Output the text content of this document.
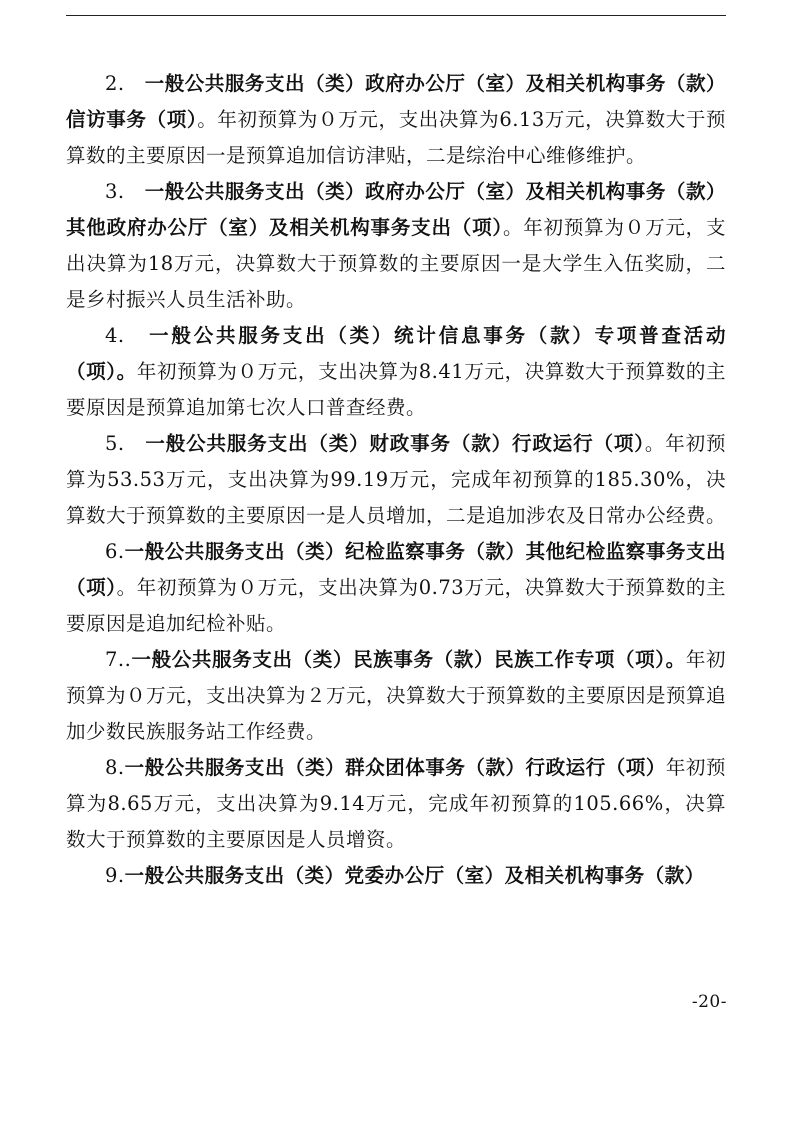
2.　一般公共服务支出（类）政府办公厅（室）及相关机构事务（款）信访事务（项）。年初预算为０万元，支出决算为6.13万元，决算数大于预算数的主要原因一是预算追加信访津贴，二是综治中心维修维护。

3.　一般公共服务支出（类）政府办公厅（室）及相关机构事务（款）其他政府办公厅（室）及相关机构事务支出（项）。年初预算为０万元，支出决算为18万元，决算数大于预算数的主要原因一是大学生入伍奖励，二是乡村振兴人员生活补助。

4.　一般公共服务支出（类）统计信息事务（款）专项普查活动（项）。年初预算为０万元，支出决算为8.41万元，决算数大于预算数的主要原因是预算追加第七次人口普查经费。

5.　一般公共服务支出（类）财政事务（款）行政运行（项）。年初预算为53.53万元，支出决算为99.19万元，完成年初预算的185.30%，决算数大于预算数的主要原因一是人员增加，二是追加涉农及日常办公经费。

6.一般公共服务支出（类）纪检监察事务（款）其他纪检监察事务支出（项）。年初预算为０万元，支出决算为0.73万元，决算数大于预算数的主要原因是追加纪检补贴。

7..一般公共服务支出（类）民族事务（款）民族工作专项（项）。年初预算为０万元，支出决算为２万元，决算数大于预算数的主要原因是预算追加少数民族服务站工作经费。

8.一般公共服务支出（类）群众团体事务（款）行政运行（项）年初预算为8.65万元，支出决算为9.14万元，完成年初预算的105.66%，决算数大于预算数的主要原因是人员增资。

9.一般公共服务支出（类）党委办公厅（室）及相关机构事务（款）

-20-
